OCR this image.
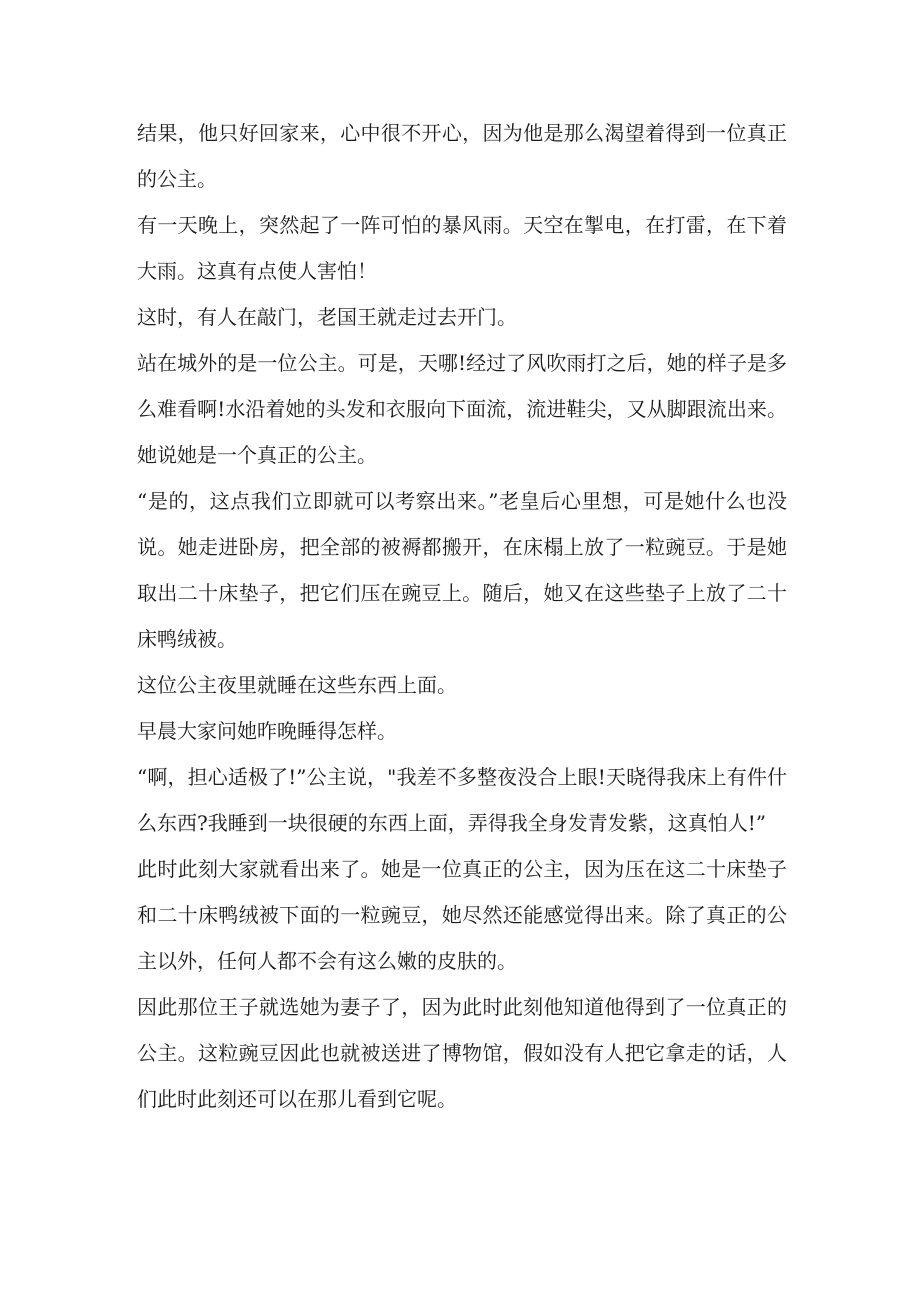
结果，他只好回家来，心中很不开心，因为他是那么渴望着得到一位真正的公主。

有一天晚上，突然起了一阵可怕的暴风雨。天空在掣电，在打雷，在下着大雨。这真有点使人害怕！

这时，有人在敲门，老国王就走过去开门。

站在城外的是一位公主。可是，天哪!经过了风吹雨打之后，她的样子是多么难看啊!水沿着她的头发和衣服向下面流，流进鞋尖，又从脚跟流出来。她说她是一个真正的公主。

“是的，这点我们立即就可以考察出来。”老皇后心里想，可是她什么也没说。她走进卧房，把全部的被褥都搬开，在床榻上放了一粒豌豆。于是她取出二十床垫子，把它们压在豌豆上。随后，她又在这些垫子上放了二十床鸭绒被。

这位公主夜里就睡在这些东西上面。

早晨大家问她昨晚睡得怎样。

“啊，担心适极了!”公主说，"我差不多整夜没合上眼!天晓得我床上有件什么东西?我睡到一块很硬的东西上面，弄得我全身发青发紫，这真怕人!”

此时此刻大家就看出来了。她是一位真正的公主，因为压在这二十床垫子和二十床鸭绒被下面的一粒豌豆，她尽然还能感觉得出来。除了真正的公主以外，任何人都不会有这么嫩的皮肤的。

因此那位王子就选她为妻子了，因为此时此刻他知道他得到了一位真正的公主。这粒豌豆因此也就被送进了博物馆，假如没有人把它拿走的话，人们此时此刻还可以在那儿看到它呢。
